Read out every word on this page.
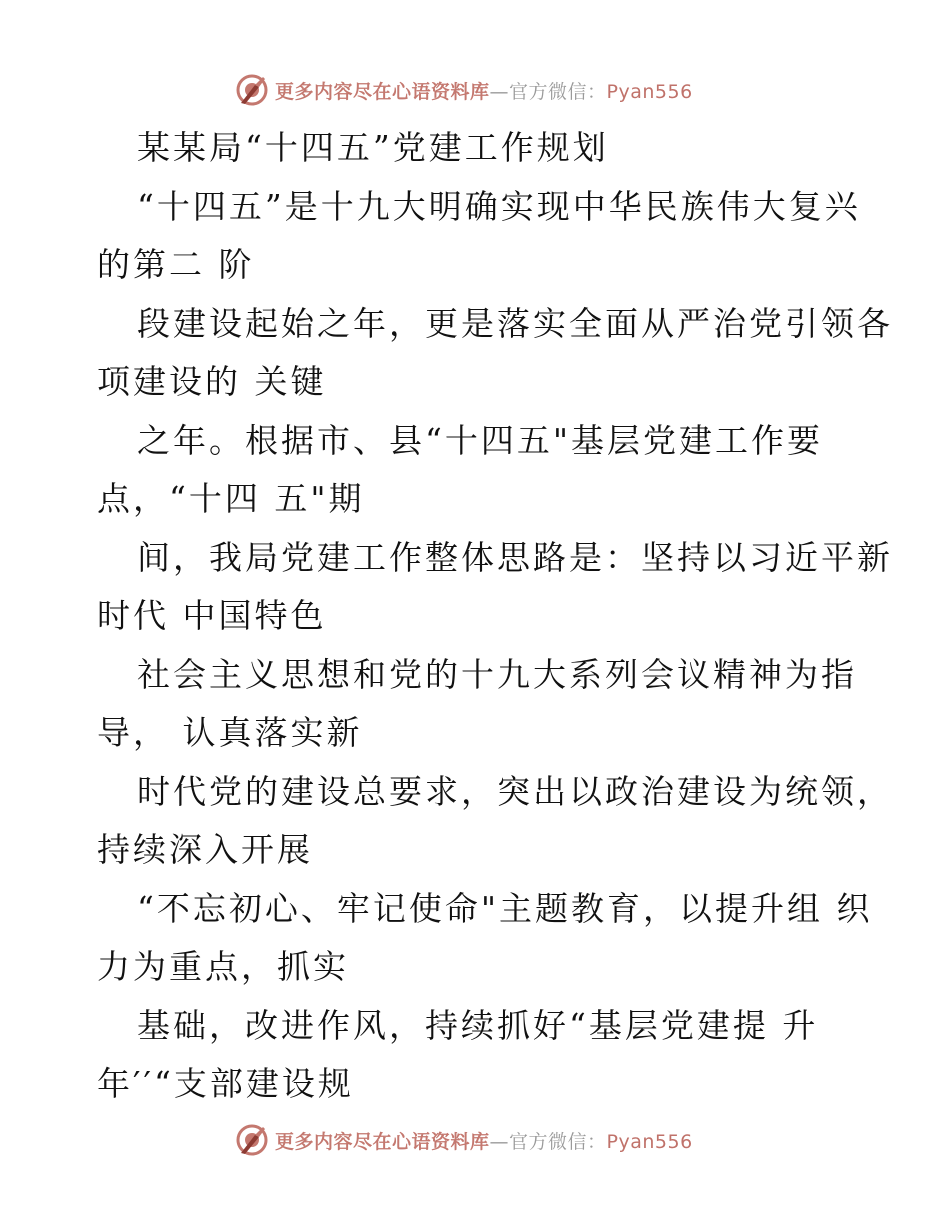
更多内容尽在心语资料库—官方微信：Pyan556
某某局“十四五”党建工作规划
“十四五”是十九大明确实现中华民族伟大复兴
的第二 阶
段建设起始之年，更是落实全面从严治党引领各
项建设的 关键
之年。根据市、县“十四五"基层党建工作要
点，“十四 五"期
间，我局党建工作整体思路是：坚持以习近平新
时代 中国特色
社会主义思想和党的十九大系列会议精神为指
导， 认真落实新
时代党的建设总要求，突出以政治建设为统领，
持续深入开展
“不忘初心、牢记使命"主题教育，以提升组 织
力为重点，抓实
基础，改进作风，持续抓好“基层党建提 升
年′′“支部建设规
更多内容尽在心语资料库—官方微信：Pyan556
